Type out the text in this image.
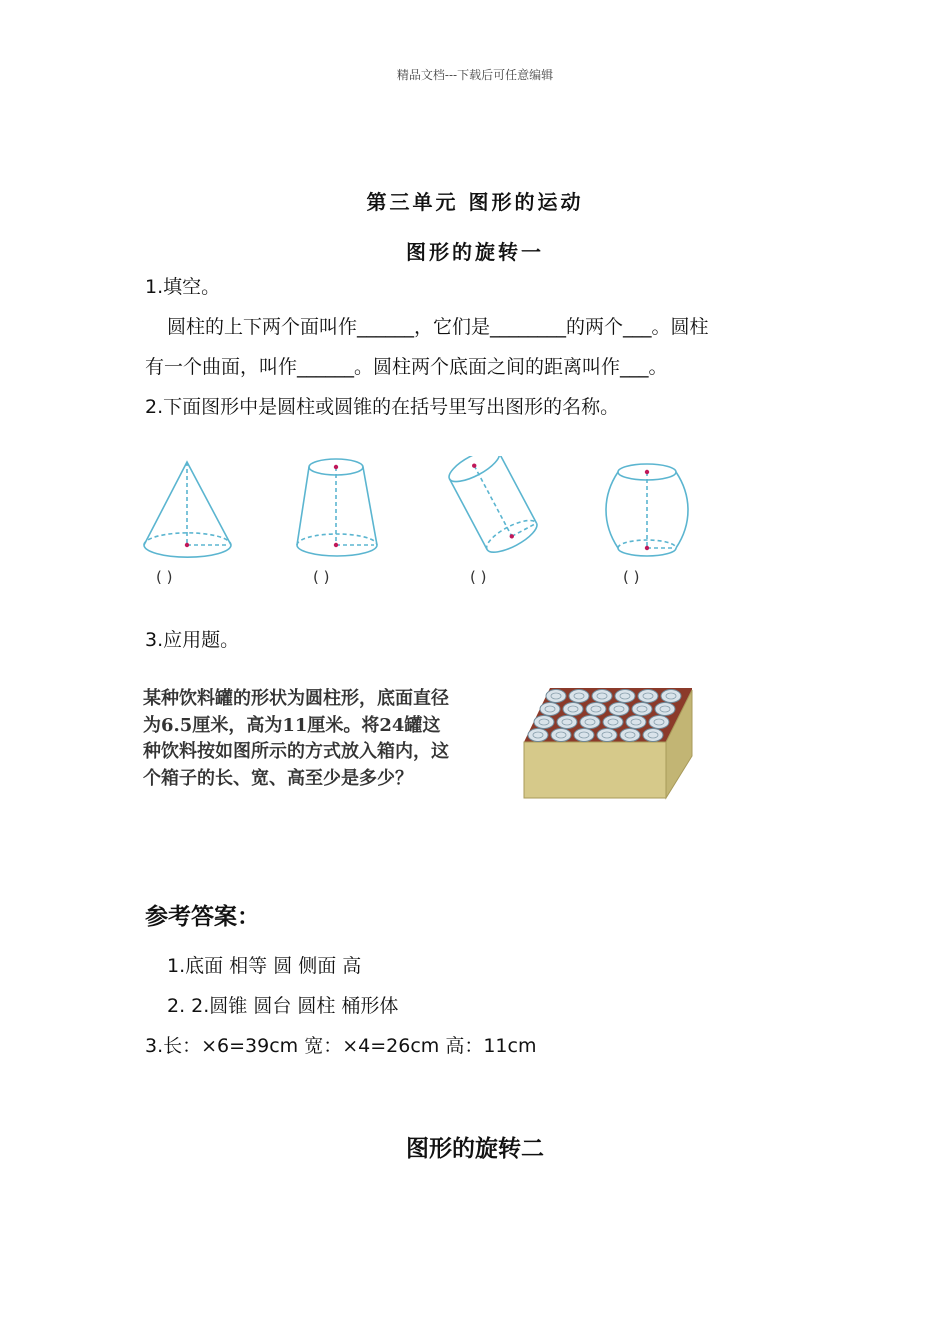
精品文档---下载后可任意编辑
第三单元 图形的运动
图形的旋转一
1.填空。
圆柱的上下两个面叫作______，它们是________的两个___。圆柱
有一个曲面，叫作______。圆柱两个底面之间的距离叫作___。
2.下面图形中是圆柱或圆锥的在括号里写出图形的名称。
( )	( )	( )	( )
3.应用题。
某种饮料罐的形状为圆柱形，底面直径
为6.5厘米，高为11厘米。将24罐这
种饮料按如图所示的方式放入箱内，这
个箱子的长、宽、高至少是多少？
参考答案：
1.底面 相等 圆 侧面 高
2. 2.圆锥 圆台 圆柱 桶形体
3.长：×6=39cm 宽：×4=26cm 高：11cm
图形的旋转二
